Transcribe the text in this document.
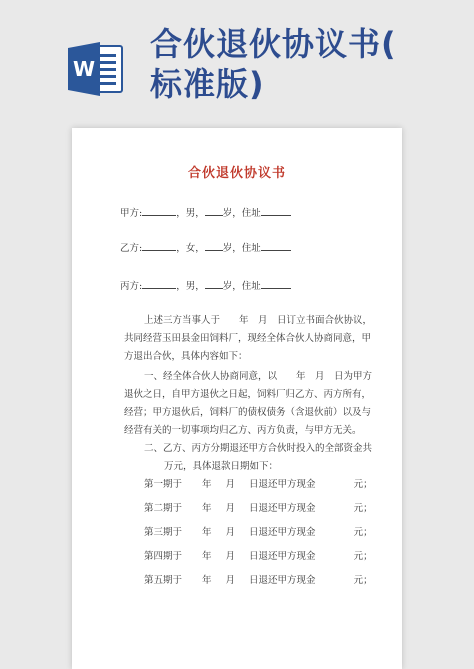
W
合伙退伙协议书(
标准版)
合伙退伙协议书
甲方:	，男， 岁，住址
乙方:	，女， 岁，住址
丙方:	，男， 岁，住址
上述三方当事人于　　年　月　日订立书面合伙协议，
共同经营玉田县金田饲料厂，现经全体合伙人协商同意，甲
方退出合伙，具体内容如下：
一、经全体合伙人协商同意，以　　年　月　日为甲方
退伙之日，自甲方退伙之日起，饲料厂归乙方、丙方所有，
经营；甲方退伙后，饲料厂的债权债务（含退伙前）以及与
经营有关的一切事项均归乙方、丙方负责，与甲方无关。
二、乙方、丙方分期退还甲方合伙时投入的全部资金共
万元，具体退款日期如下：
第一期于 年 月 日退还甲方现金	元；
第二期于 年 月 日退还甲方现金	元；
第三期于 年 月 日退还甲方现金	元；
第四期于 年 月 日退还甲方现金	元；
第五期于 年 月 日退还甲方现金	元；
